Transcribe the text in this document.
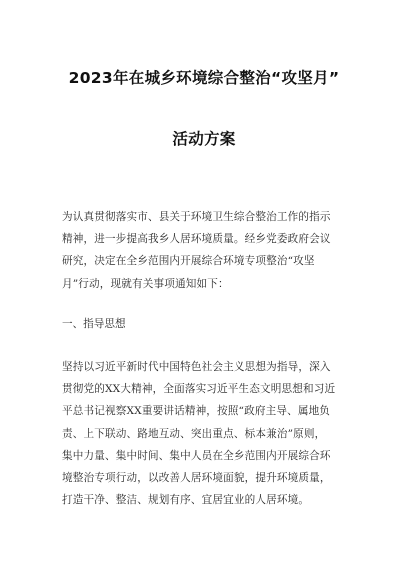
2023年在城乡环境综合整治“攻坚月”
活动方案
为认真贯彻落实市、县关于环境卫生综合整治工作的指示
精神，进一步提高我乡人居环境质量。经乡党委政府会议
研究，决定在全乡范围内开展综合环境专项整治“攻坚
月”行动，现就有关事项通知如下：
一、指导思想
坚持以习近平新时代中国特色社会主义思想为指导，深入
贯彻党的XX大精神，全面落实习近平生态文明思想和习近
平总书记视察XX重要讲话精神，按照“政府主导、属地负
责、上下联动、路地互动、突出重点、标本兼治”原则，
集中力量、集中时间、集中人员在全乡范围内开展综合环
境整治专项行动，以改善人居环境面貌，提升环境质量，
打造干净、整洁、规划有序、宜居宜业的人居环境。
